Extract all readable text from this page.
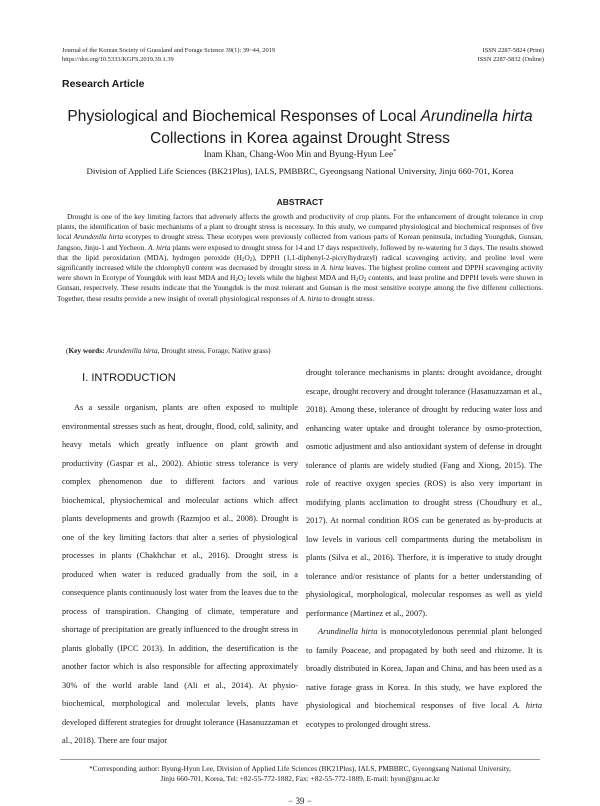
Journal of the Korean Society of Grassland and Forage Science 39(1): 39~44, 2019
https://doi.org/10.5333/KGFS.2019.39.1.39
ISSN 2287-5824 (Print)
ISSN 2287-5832 (Online)
Research Article
Physiological and Biochemical Responses of Local Arundinella hirta
Collections in Korea against Drought Stress
Inam Khan, Chang-Woo Min and Byung-Hyun Lee*
Division of Applied Life Sciences (BK21Plus), IALS, PMBBRC, Gyeongsang National University, Jinju 660-701, Korea
ABSTRACT

Drought is one of the key limiting factors that adversely affects the growth and productivity of crop plants. For the enhancement of drought tolerance in crop plants, the identification of basic mechanisms of a plant to drought stress is necessary. In this study, we compared physiological and biochemical responses of five local Arundenlla hirta ecotypes to drought stress. These ecotypes were previously collected from various parts of Korean peninsula, including Youngduk, Gunsan, Jangsoo, Jinju-1 and Yecheon. A. hirta plants were exposed to drought stress for 14 and 17 days respectively, followed by re-watering for 3 days. The results showed that the lipid peroxidation (MDA), hydrogen peroxide $(H_2O_2)$, DPPH (1,1-diphenyl-2-picrylhydrazyl) radical scavenging activity, and proline level were significantly increased while the chlorophyll content was decreased by drought stress in A. hirta leaves. The highest proline content and DPPH scavenging activity were shown in Ecotype of Youngduk with least MDA and $H_2O_2$ levels while the highest MDA and $H_2O_2$ contents, and least proline and DPPH levels were shown in Gunsan, respectvely. These results indicate that the Youngduk is the most tolerant and Gunsan is the most sensitive ecotype among the five different collections. Together, these results provide a new insight of overall physiological responses of A. hirta to drought stress.

(Key words: Arundenilla hirta, Drought stress, Forage, Native grass)
Ⅰ. INTRODUCTION

As a sessile organism, plants are often exposed to multiple environmental stresses such as heat, drought, flood, cold, salinity, and heavy metals which greatly influence on plant growth and productivity (Gaspar et al., 2002). Abiotic stress tolerance is very complex phenomenon due to different factors and various biochemical, physiochemical and molecular actions which affect plants developments and growth (Razmjoo et al., 2008). Drought is one of the key limiting factors that alter a series of physiological processes in plants (Chakhchar et al., 2016). Drought stress is produced when water is reduced gradually from the soil, in a consequence plants continuously lost water from the leaves due to the process of transpiration. Changing of climate, temperature and shortage of precipitation are greatly influenced to the drought stress in plants globally (IPCC 2013). In addition, the desertification is the another factor which is also responsible for affecting approximately 30% of the world arable land (Ali et al., 2014). At physio-biochemical, morphological and molecular levels, plants have developed different strategies for drought tolerance (Hasanuzzaman et al., 2018). There are four major

drought tolerance mechanisms in plants: drought avoidance, drought escape, drought recovery and drought tolerance (Hasanuzzaman et al., 2018). Among these, tolerance of drought by reducing water loss and enhancing water uptake and drought tolerance by osmo-protection, osmotic adjustment and also antioxidant system of defense in drought tolerance of plants are widely studied (Fang and Xiong, 2015). The role of reactive oxygen species (ROS) is also very important in modifying plants acclimation to drought stress (Choudhury et al., 2017). At normal condition ROS can be generated as by-products at low levels in various cell compartments during the metabolism in plants (Silva et al., 2016). Therfore, it is imperative to study drought tolerance and/or resistance of plants for a better understanding of physiological, morphological, molecular responses as well as yield performance (Martinez et al., 2007).

Arundinella hirta is monocotyledonous perennial plant belonged to family Poaceae, and propagated by both seed and rhizome. It is broadly distributed in Korea, Japan and China, and has been used as a native forage grass in Korea. In this study, we have explored the physiological and biochemical responses of five local A. hirta ecotypes to prolonged drought stress.

*Corresponding author: Byung-Hyun Lee, Division of Applied Life Sciences (BK21Plus), IALS, PMBBRC, Gyeongsang National University,
Jinju 660-701, Korea, Tel: +82-55-772-1882, Fax: +82-55-772-1889, E-mail: hyun@gnu.ac.kr
− 39 −
